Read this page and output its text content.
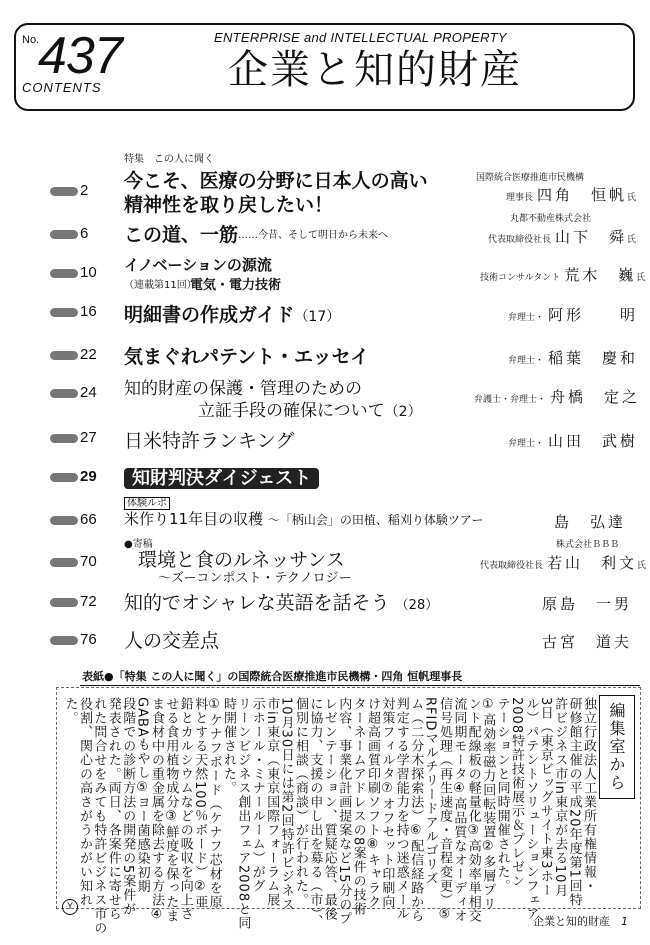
No.
437
CONTENTS
ENTERPRISE and INTELLECTUAL PROPERTY
企業と知的財産
特集　この人に聞く
2 今こそ、医療の分野に日本人の高い
精神性を取り戻したい！
国際統合医療推進市民機構
理事長 四角　恒帆氏
6 この道、一筋 ……今昔、そして明日から未来へ
丸都不動産株式会社
代表取締役社長 山下　舜氏
10 イノベーションの源流
（連載第11回）
電気・電力技術	技術コンサルタント 荒木　巍氏
16 明細書の作成ガイド（17）	弁理士・ 阿形　　明
22 気まぐれパテント・エッセイ	弁理士・ 稲葉　慶和
24 知的財産の保護・管理のための
立証手段の確保について（2）
弁護士・弁理士・ 舟橋　定之
27 日米特許ランキング	弁理士・ 山田　武樹
29	知財判決ダイジェスト
体験ルポ
66 米作り11年目の収穫 ～「柄山会」の田植、稲刈り体験ツアー	島　弘達
●寄稿
70 環境と食のルネッサンス
～ズーコンポスト・テクノロジー
株式会社ＢＢＢ
代表取締役社長 若山　利文氏
72 知的でオシャレな英語を話そう （28）	原島　一男
76 人の交差点	古宮　道夫
表紙●「特集 この人に聞く」の国際統合医療推進市民機構・四角 恒帆理事長
編集室から
独立行政法人工業所有権情報・
研修館主催の平成20年度第1回特
許ビジネス市in東京が去る10月
3日（東京ビッグサイト東3ホー
ル）パテントソリューションフェア
2008特許技術展示＆プレゼン
テーションと同時開催された。
①高効率磁力回転装置②多層プリ
ント配線板の軽量化③高効率単相交
流同期モータ④高品質なオーディオ
信号処理（再生速度・音程変更）⑤
RFIDマルチリードアルゴリズ
ム（二分木探索法）⑥配信経路から
判定する学習能力を持つ迷惑メール
対策フィルタ⑦オフセット印刷向
け超高画質印刷ソフト⑧キャラク
ターネームアドレスの8案件の技術
内容、事業化計画提案など15分のプ
レゼンテーション、質疑応答、最後
に協力、支援の申し出を募る（市）、
個別に相談（商談）が行われた。
10月30日には第2回特許ビジネス
市in東京（東京国際フォーラム展
示ホール・ミナールーム）がグ
リーンビジネス創出フェア2008と同
時開催された。
①ケナフボード（ケナフ芯材を原
料とする天然100％ボード）②亜
鉛とカルシウムなどの吸収を向上さ
せる食用植物成分③鮮度を保ったま
ま食材中の重金属を除去する方法④
GABAもやし⑤ヨー菌感染初期
段階での診断方法の開発の5案件が
発表された。両日、各案件に寄せら
れた問合せをみても特許ビジネス市の
役割、関心の高さがうかがい知れ
た。
Y
企業と知的財産　 1
